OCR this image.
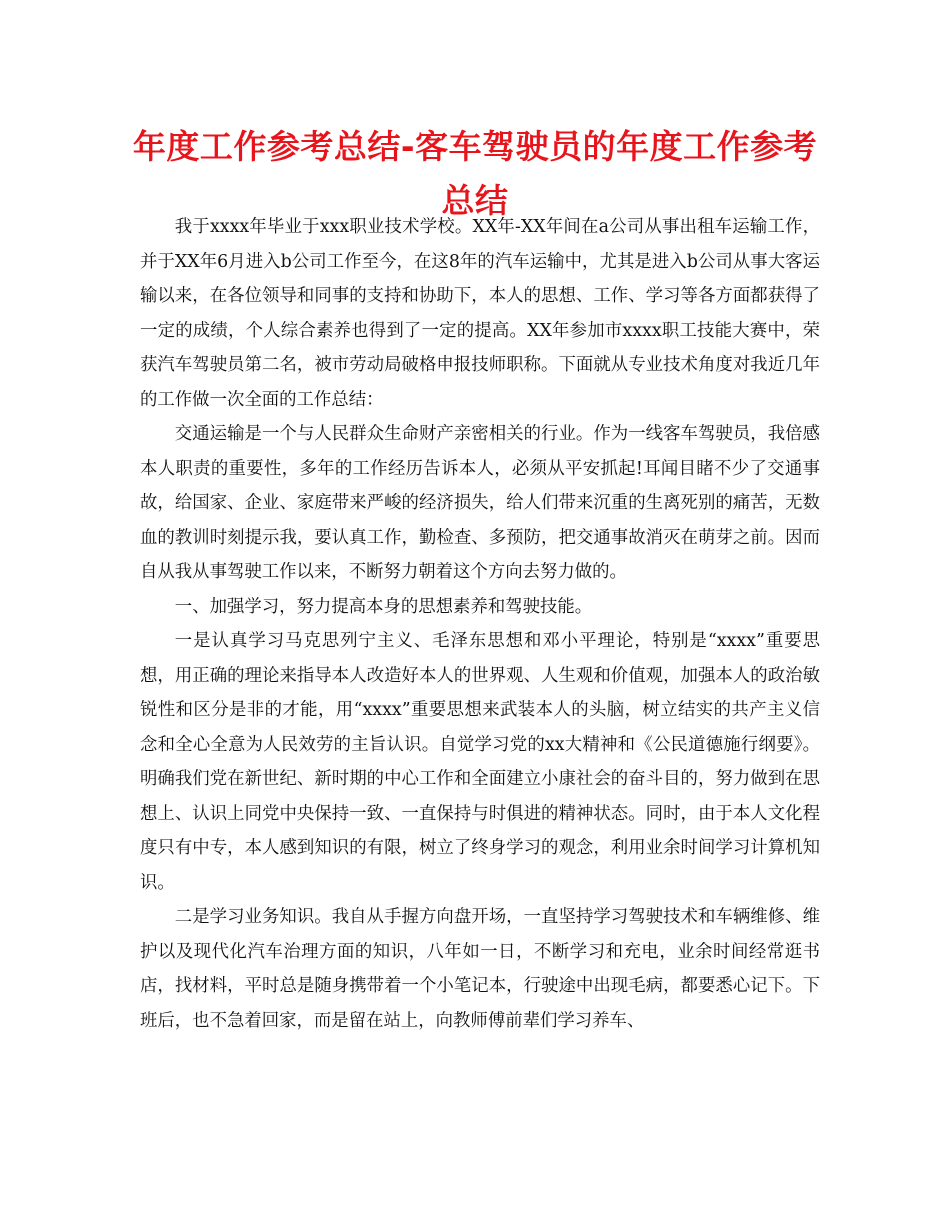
年度工作参考总结-客车驾驶员的年度工作参考总结

我于xxxx年毕业于xxx职业技术学校。XX年-XX年间在a公司从事出租车运输工作，并于XX年6月进入b公司工作至今，在这8年的汽车运输中，尤其是进入b公司从事大客运输以来，在各位领导和同事的支持和协助下，本人的思想、工作、学习等各方面都获得了一定的成绩，个人综合素养也得到了一定的提高。XX年参加市xxxx职工技能大赛中，荣获汽车驾驶员第二名，被市劳动局破格申报技师职称。下面就从专业技术角度对我近几年的工作做一次全面的工作总结：

交通运输是一个与人民群众生命财产亲密相关的行业。作为一线客车驾驶员，我倍感本人职责的重要性，多年的工作经历告诉本人，必须从平安抓起!耳闻目睹不少了交通事故，给国家、企业、家庭带来严峻的经济损失，给人们带来沉重的生离死别的痛苦，无数血的教训时刻提示我，要认真工作，勤检查、多预防，把交通事故消灭在萌芽之前。因而自从我从事驾驶工作以来，不断努力朝着这个方向去努力做的。

一、加强学习，努力提高本身的思想素养和驾驶技能。

一是认真学习马克思列宁主义、毛泽东思想和邓小平理论，特别是“xxxx”重要思想，用正确的理论来指导本人改造好本人的世界观、人生观和价值观，加强本人的政治敏锐性和区分是非的才能，用“xxxx”重要思想来武装本人的头脑，树立结实的共产主义信念和全心全意为人民效劳的主旨认识。自觉学习党的xx大精神和《公民道德施行纲要》。明确我们党在新世纪、新时期的中心工作和全面建立小康社会的奋斗目的，努力做到在思想上、认识上同党中央保持一致、一直保持与时俱进的精神状态。同时，由于本人文化程度只有中专，本人感到知识的有限，树立了终身学习的观念，利用业余时间学习计算机知识。

二是学习业务知识。我自从手握方向盘开场，一直坚持学习驾驶技术和车辆维修、维护以及现代化汽车治理方面的知识，八年如一日，不断学习和充电，业余时间经常逛书店，找材料，平时总是随身携带着一个小笔记本，行驶途中出现毛病，都要悉心记下。下班后，也不急着回家，而是留在站上，向教师傅前辈们学习养车、
